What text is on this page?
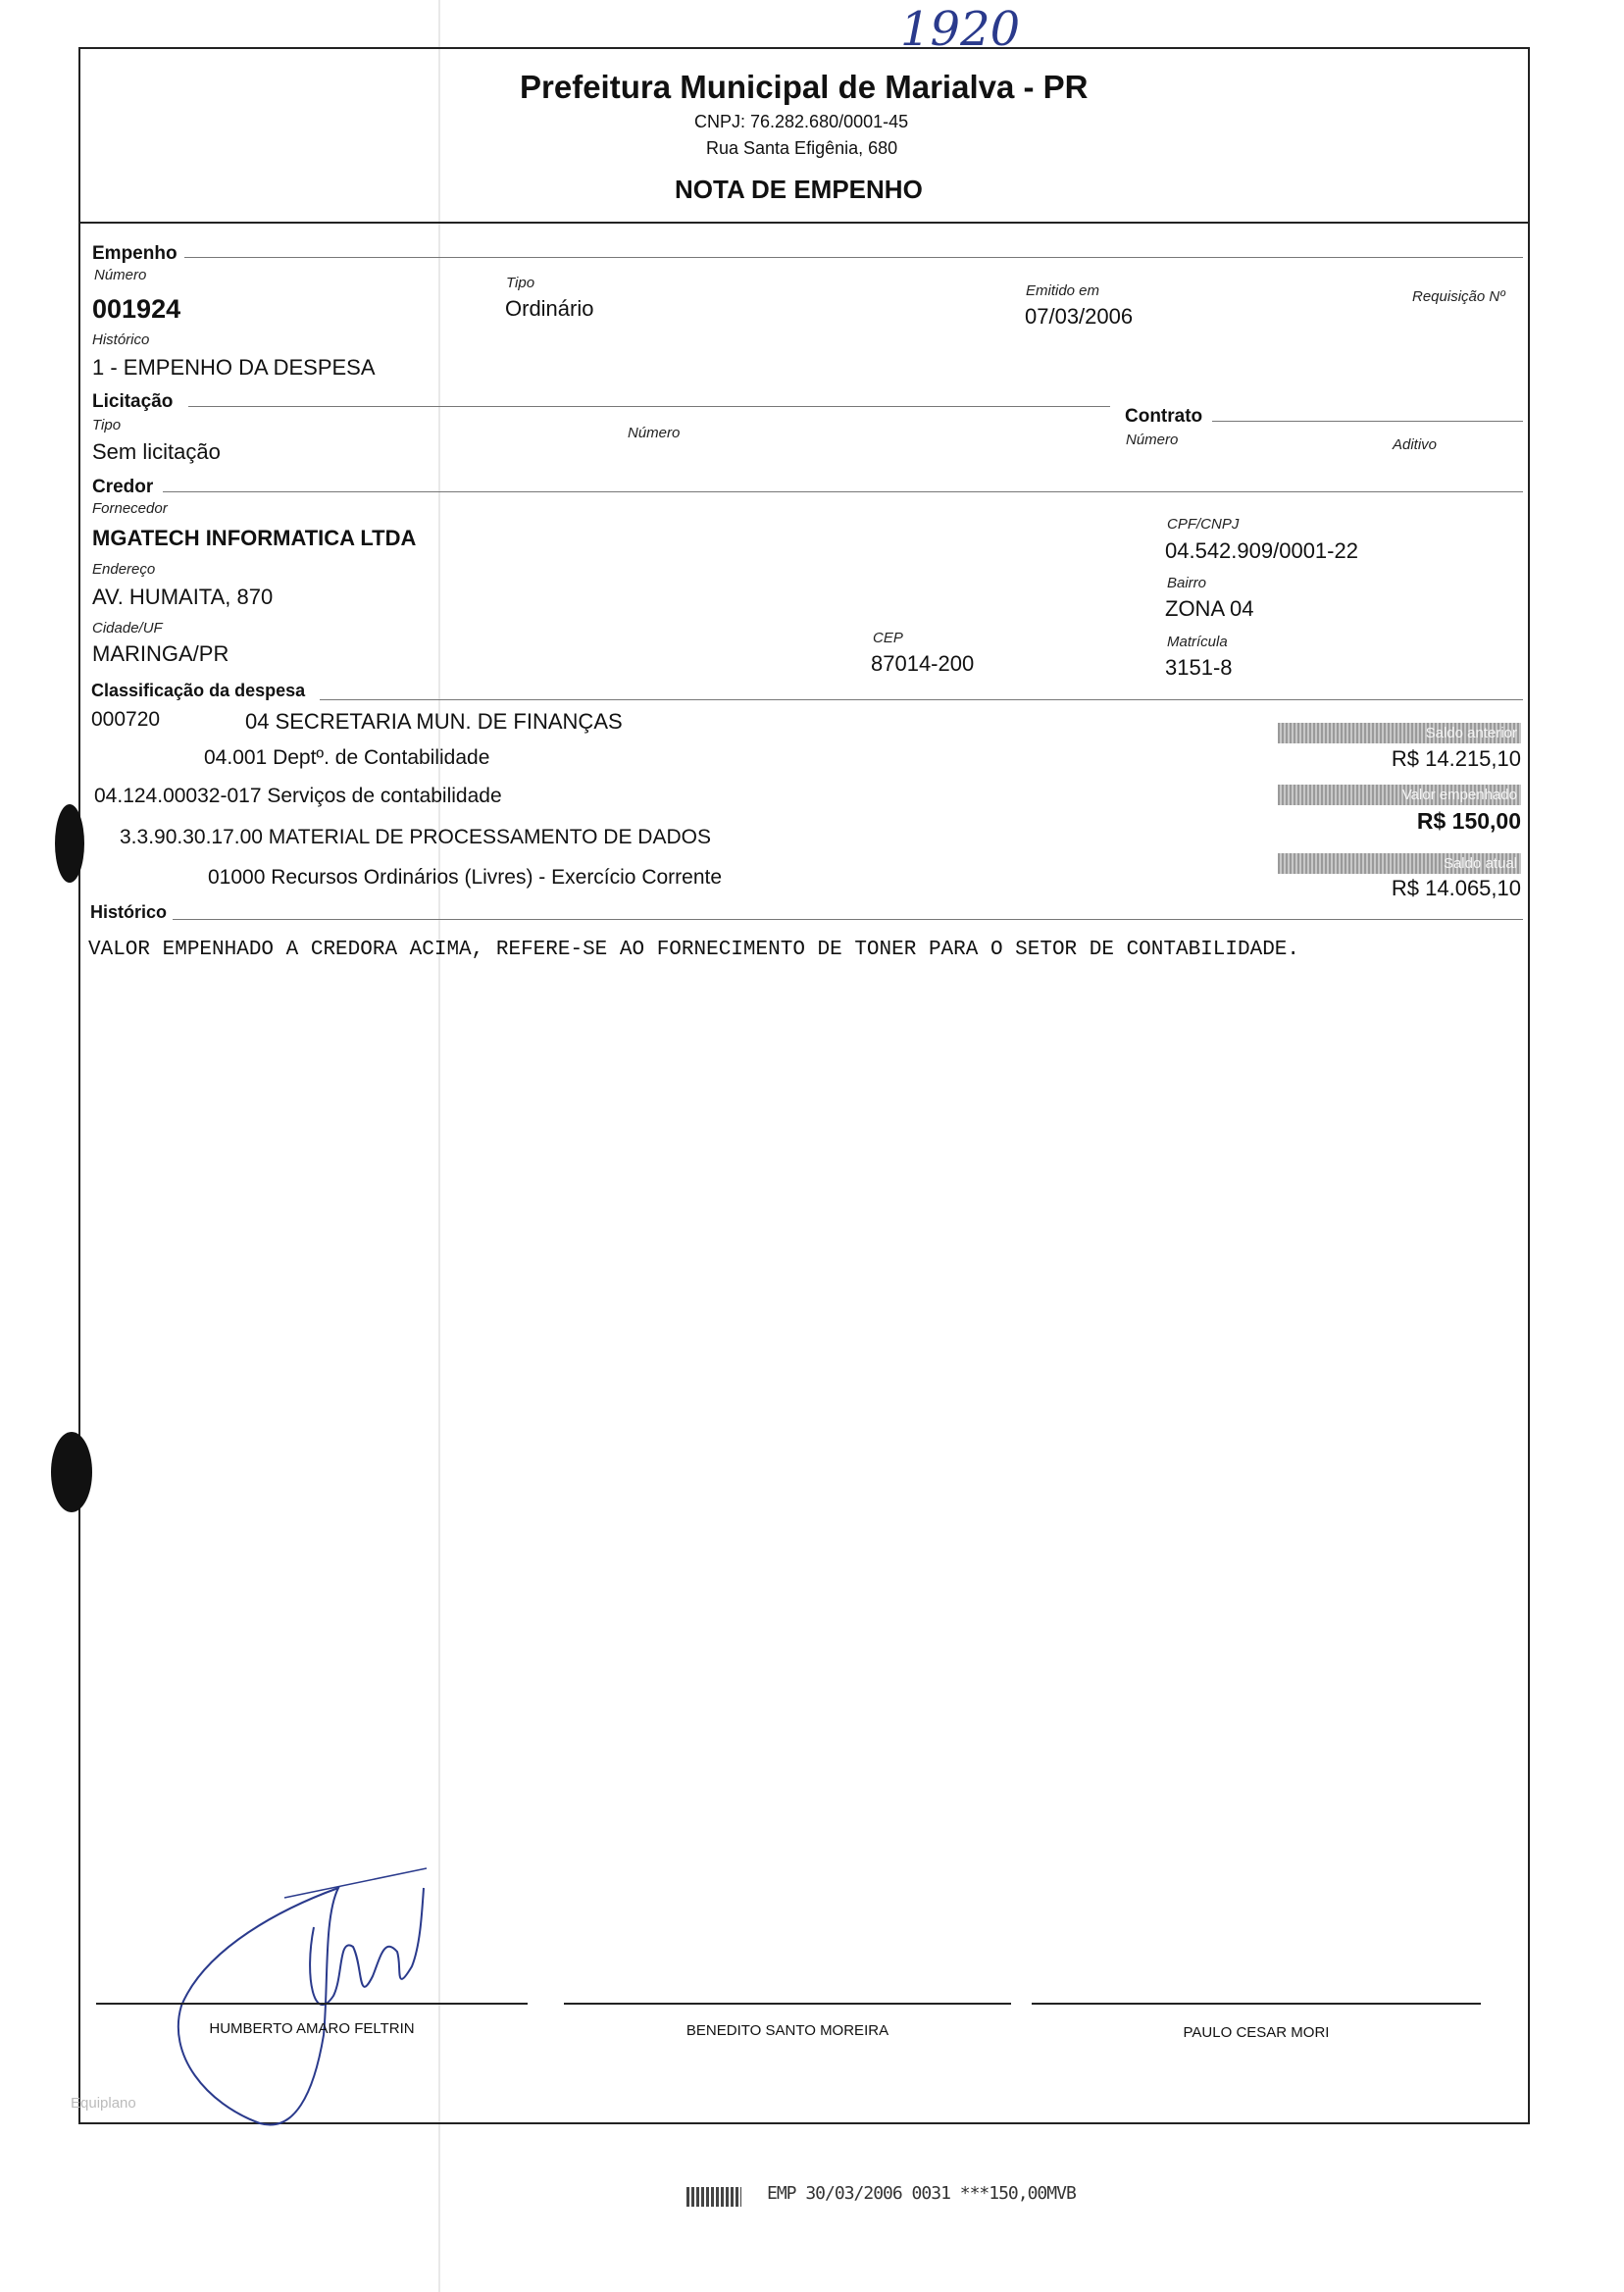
1920
Prefeitura Municipal de Marialva - PR
CNPJ: 76.282.680/0001-45
Rua Santa Efigênia, 680
NOTA DE EMPENHO
Empenho
Número
001924
Tipo
Ordinário
Emitido em
07/03/2006
Requisição Nº
Histórico
1 - EMPENHO DA DESPESA
Licitação
Tipo
Sem licitação
Número
Contrato
Número	Aditivo
Credor
Fornecedor
MGATECH INFORMATICA LTDA
CPF/CNPJ
04.542.909/0001-22
Endereço
AV. HUMAITA, 870
Bairro
ZONA 04
Cidade/UF
MARINGA/PR
CEP
87014-200
Matrícula
3151-8
Classificação da despesa
000720	04 SECRETARIA MUN. DE FINANÇAS
04.001 Deptº. de Contabilidade
04.124.00032-017 Serviços de contabilidade
3.3.90.30.17.00 MATERIAL DE PROCESSAMENTO DE DADOS
01000 Recursos Ordinários (Livres) - Exercício Corrente
Saldo anterior
R$ 14.215,10
Valor empenhado
R$ 150,00
Saldo atual
R$ 14.065,10
Histórico
VALOR EMPENHADO A CREDORA ACIMA, REFERE-SE AO FORNECIMENTO DE TONER PARA O SETOR DE CONTABILIDADE.
HUMBERTO AMARO FELTRIN	BENEDITO SANTO MOREIRA	PAULO CESAR MORI
Equiplano
EMP 30/03/2006 0031 ***150,00MVB
